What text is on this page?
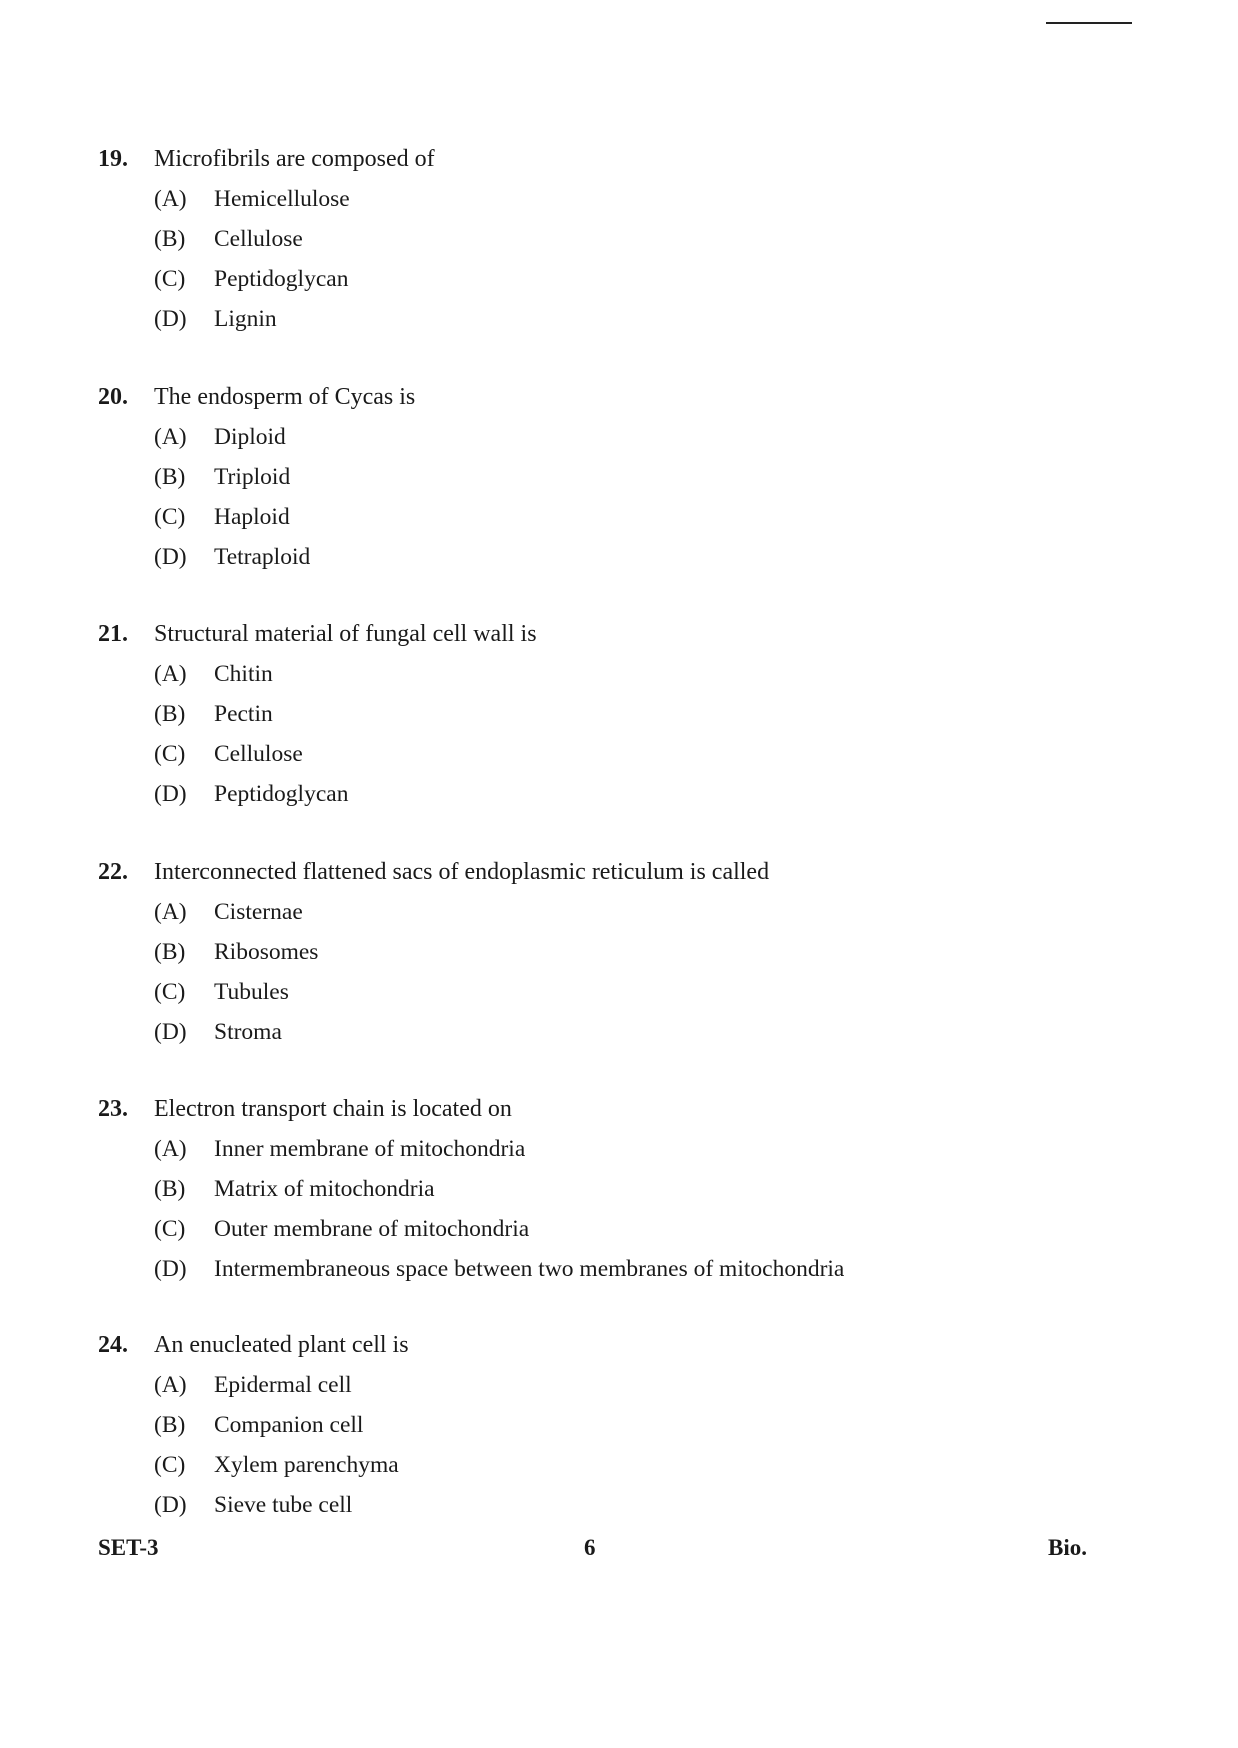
19.	Microfibrils are composed of
(A)	Hemicellulose
(B)	Cellulose
(C)	Peptidoglycan
(D)	Lignin
20.	The endosperm of Cycas is
(A)	Diploid
(B)	Triploid
(C)	Haploid
(D)	Tetraploid
21.	Structural material of fungal cell wall is
(A)	Chitin
(B)	Pectin
(C)	Cellulose
(D)	Peptidoglycan
22.	Interconnected flattened sacs of endoplasmic reticulum is called
(A)	Cisternae
(B)	Ribosomes
(C)	Tubules
(D)	Stroma
23.	Electron transport chain is located on
(A)	Inner membrane of mitochondria
(B)	Matrix of mitochondria
(C)	Outer membrane of mitochondria
(D)	Intermembraneous space between two membranes of mitochondria
24.	An enucleated plant cell is
(A)	Epidermal cell
(B)	Companion cell
(C)	Xylem parenchyma
(D)	Sieve tube cell
SET-3	6	Bio.
